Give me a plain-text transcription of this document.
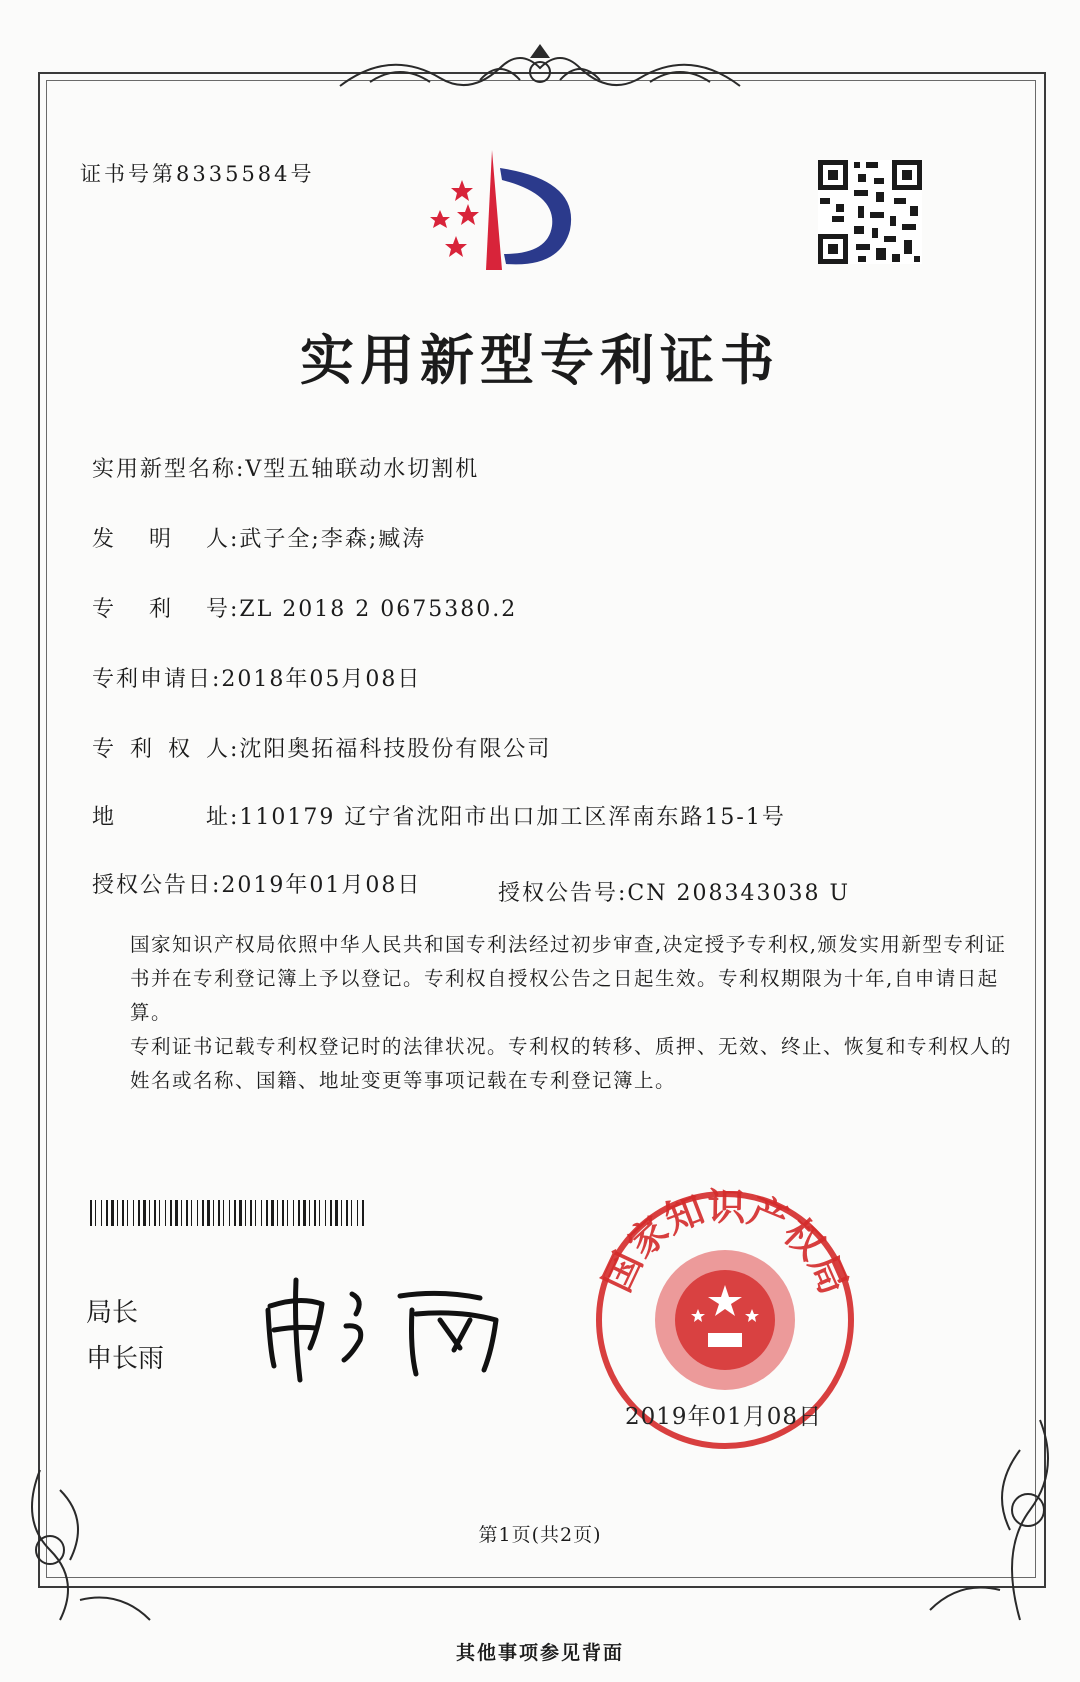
证书号第8335584号
实用新型专利证书
实用新型名称:V型五轴联动水切割机
发 明 人 :武子全;李森;臧涛
专 利 号 :ZL 2018 2 0675380.2
专利申请日:2018年05月08日
专 利 权 人 :沈阳奥拓福科技股份有限公司
地	址 :110179 辽宁省沈阳市出口加工区浑南东路15-1号
授权公告日:2019年01月08日	授权公告号:CN 208343038 U
国家知识产权局依照中华人民共和国专利法经过初步审查,决定授予专利权,颁发实用新型专利证书并在专利登记簿上予以登记。专利权自授权公告之日起生效。专利权期限为十年,自申请日起算。
专利证书记载专利权登记时的法律状况。专利权的转移、质押、无效、终止、恢复和专利权人的姓名或名称、国籍、地址变更等事项记载在专利登记簿上。
局长
申长雨
国家知识产权局
2019年01月08日
第1页(共2页)
其他事项参见背面
